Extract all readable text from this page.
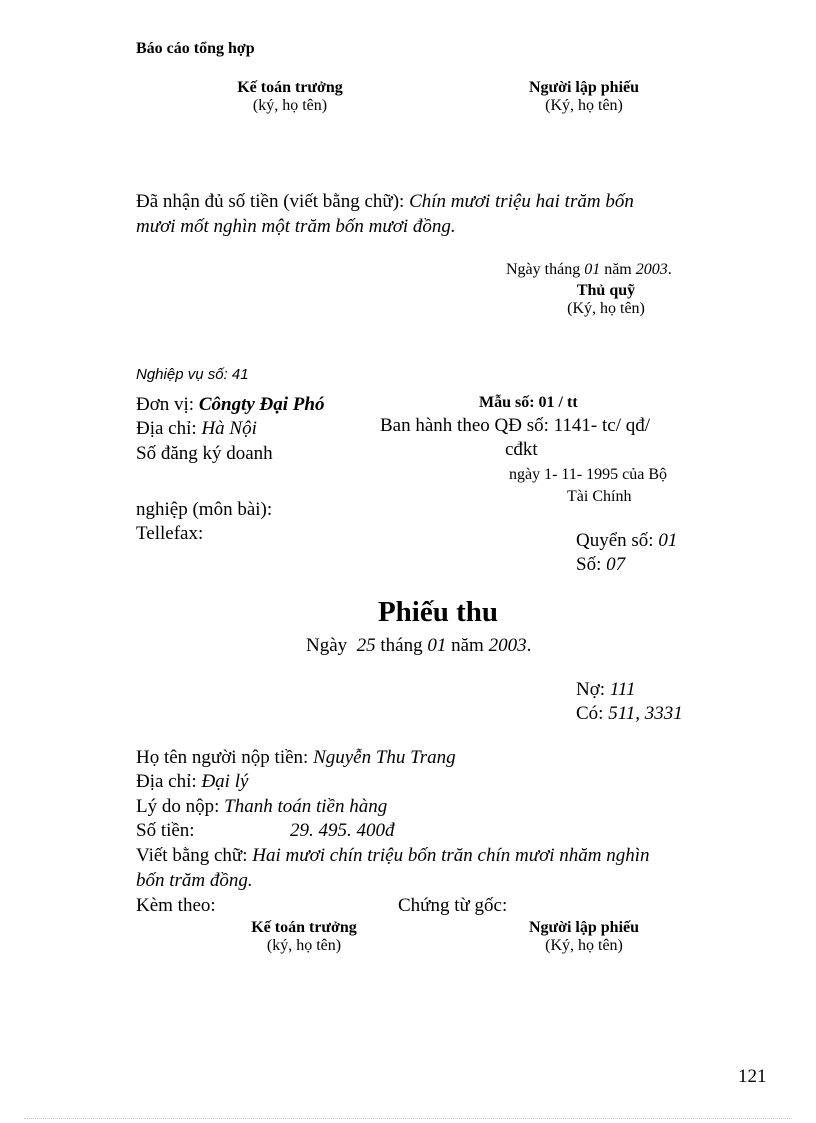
Báo cáo tổng hợp
Kế toán trưởng
(ký, họ tên)
Người lập phiếu
(Ký, họ tên)
Đã nhận đủ số tiền (viết bằng chữ): Chín mươi triệu hai trăm bốn
mươi mốt nghìn một trăm bốn mươi đồng.
Ngày tháng 01 năm 2003.
Thủ quỹ
(Ký, họ tên)
Nghiệp vụ số: 41
Đơn vị: Côngty Đại Phó
Địa chỉ: Hà Nội
Số đăng ký doanh
nghiệp (môn bài):
Tellefax:
Mẫu số: 01 / tt
Ban hành theo QĐ số: 1141- tc/ qđ/
cđkt
ngày 1- 11- 1995 của Bộ
Tài Chính
Quyển số: 01
Số: 07
Phiếu thu
Ngày 25 tháng 01 năm 2003.
Nợ: 111
Có: 511, 3331
Họ tên người nộp tiền: Nguyễn Thu Trang
Địa chỉ: Đại lý
Lý do nộp: Thanh toán tiền hàng
Số tiền:	29. 495. 400đ
Viết bằng chữ: Hai mươi chín triệu bốn trăn chín mươi nhăm nghìn
bốn trăm đồng.
Kèm theo:	Chứng từ gốc:
Kế toán trưởng
(ký, họ tên)
Người lập phiếu
(Ký, họ tên)
121
